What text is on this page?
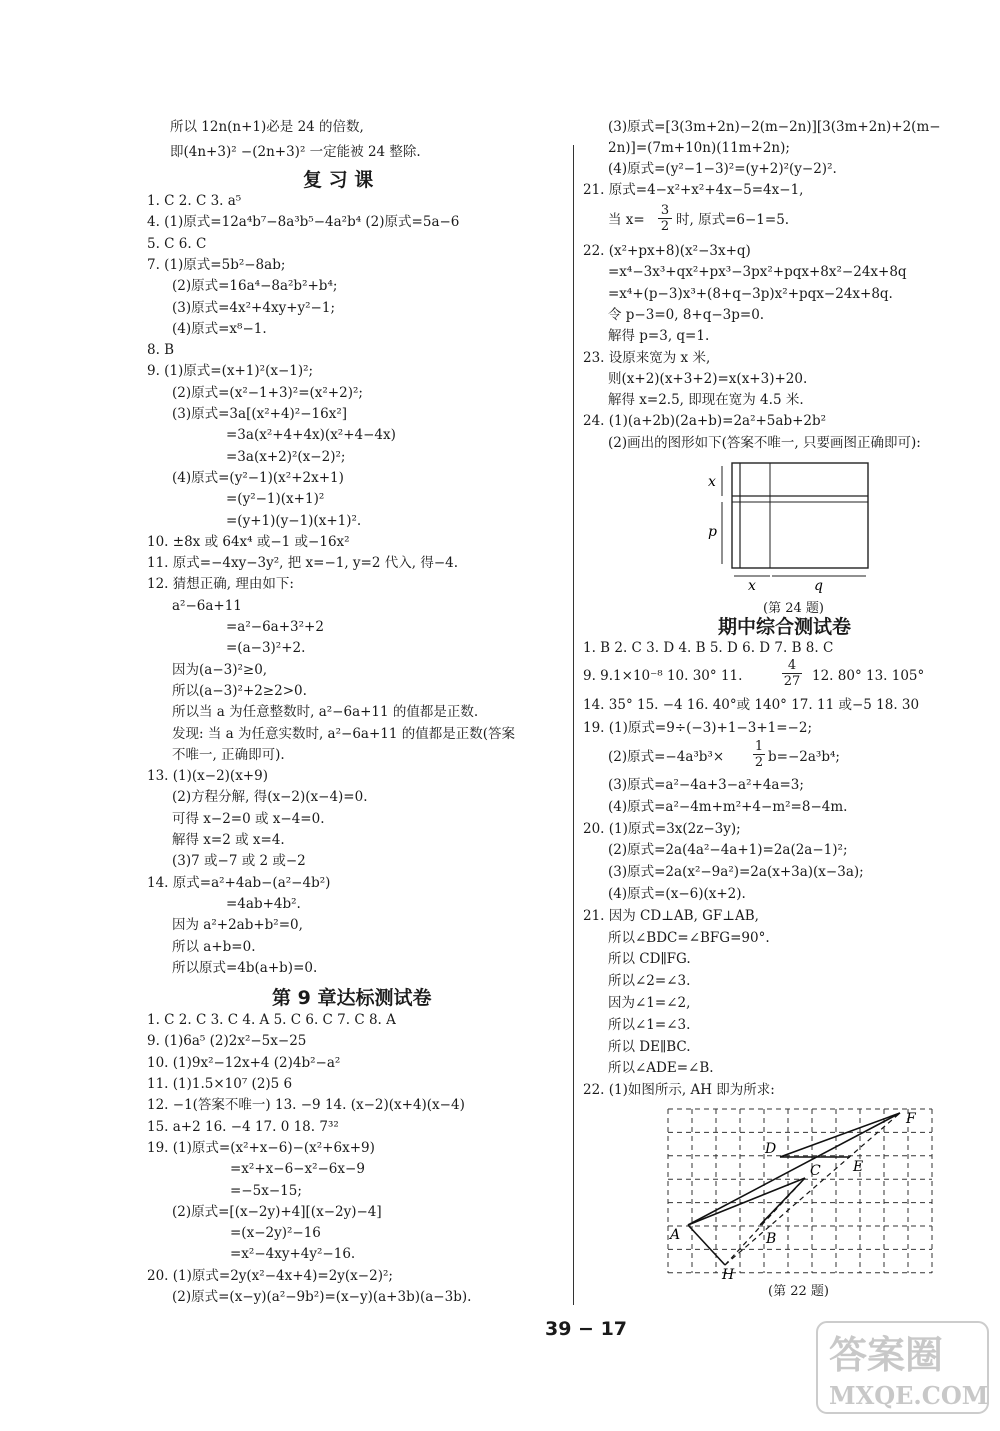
所以 12n(n+1)必是 24 的倍数,
即(4n+3)² −(2n+3)² 一定能被 24 整除.
复 习 课
1. C 2. C 3. a⁵
4. (1)原式=12a⁴b⁷−8a³b⁵−4a²b⁴ (2)原式=5a−6
5. C 6. C
7. (1)原式=5b²−8ab;
(2)原式=16a⁴−8a²b²+b⁴;
(3)原式=4x²+4xy+y²−1;
(4)原式=x⁸−1.
8. B
9. (1)原式=(x+1)²(x−1)²;
(2)原式=(x²−1+3)²=(x²+2)²;
(3)原式=3a[(x²+4)²−16x²]
=3a(x²+4+4x)(x²+4−4x)
=3a(x+2)²(x−2)²;
(4)原式=(y²−1)(x²+2x+1)
=(y²−1)(x+1)²
=(y+1)(y−1)(x+1)².
10. ±8x 或 64x⁴ 或−1 或−16x²
11. 原式=−4xy−3y², 把 x=−1, y=2 代入, 得−4.
12. 猜想正确, 理由如下:
a²−6a+11
=a²−6a+3²+2
=(a−3)²+2.
因为(a−3)²≥0,
所以(a−3)²+2≥2>0.
所以当 a 为任意整数时, a²−6a+11 的值都是正数.
发现: 当 a 为任意实数时, a²−6a+11 的值都是正数(答案
不唯一, 正确即可).
13. (1)(x−2)(x+9)
(2)方程分解, 得(x−2)(x−4)=0.
可得 x−2=0 或 x−4=0.
解得 x=2 或 x=4.
(3)7 或−7 或 2 或−2
14. 原式=a²+4ab−(a²−4b²)
=4ab+4b².
因为 a²+2ab+b²=0,
所以 a+b=0.
所以原式=4b(a+b)=0.
第 9 章达标测试卷
1. C 2. C 3. C 4. A 5. C 6. C 7. C 8. A
9. (1)6a⁵ (2)2x²−5x−25
10. (1)9x²−12x+4 (2)4b²−a²
11. (1)1.5×10⁷ (2)5 6
12. −1(答案不唯一) 13. −9 14. (x−2)(x+4)(x−4)
15. a+2 16. −4 17. 0 18. 7³²
19. (1)原式=(x²+x−6)−(x²+6x+9)
=x²+x−6−x²−6x−9
=−5x−15;
(2)原式=[(x−2y)+4][(x−2y)−4]
=(x−2y)²−16
=x²−4xy+4y²−16.
20. (1)原式=2y(x²−4x+4)=2y(x−2)²;
(2)原式=(x−y)(a²−9b²)=(x−y)(a+3b)(a−3b).
(3)原式=[3(3m+2n)−2(m−2n)][3(3m+2n)+2(m−
2n)]=(7m+10n)(11m+2n);
(4)原式=(y²−1−3)²=(y+2)²(y−2)².
21. 原式=4−x²+x²+4x−5=4x−1,
当 $x= \frac{3}{2}$ 时, 原式=6−1=5.
22. (x²+px+8)(x²−3x+q)
=x⁴−3x³+qx²+px³−3px²+pqx+8x²−24x+8q
=x⁴+(p−3)x³+(8+q−3p)x²+pqx−24x+8q.
令 p−3=0, 8+q−3p=0.
解得 p=3, q=1.
23. 设原来宽为 x 米,
则(x+2)(x+3+2)=x(x+3)+20.
解得 x=2.5, 即现在宽为 4.5 米.
24. (1)(a+2b)(2a+b)=2a²+5ab+2b²
(2)画出的图形如下(答案不唯一, 只要画图正确即可):
期中综合测试卷
1. B 2. C 3. D 4. B 5. D 6. D 7. B 8. C
9. 9.1×10⁻⁸ 10. 30° 11.	$\frac{4}{27} 12$. 80° 13. 105°
14. 35° 15. −4 16. 40°或 140° 17. 11 或−5 18. 30
19. (1)原式=9÷(−3)+1−3+1=−2;
(2)原式$=-4a^3b^3\times \frac{1}{2} b=-2a^3b^4$;
(3)原式=a²−4a+3−a²+4a=3;
(4)原式=a²−4m+m²+4−m²=8−4m.
20. (1)原式=3x(2z−3y);
(2)原式=2a(4a²−4a+1)=2a(2a−1)²;
(3)原式=2a(x²−9a²)=2a(x+3a)(x−3a);
(4)原式=(x−6)(x+2).
21. 因为 CD⊥AB, GF⊥AB,
所以∠BDC=∠BFG=90°.
所以 CD∥FG.
所以∠2=∠3.
因为∠1=∠2,
所以∠1=∠3.
所以 DE∥BC.
所以∠ADE=∠B.
22. (1)如图所示, AH 即为所求:
x
p
x	q
(第 24 题)
A	B
C
D
E
F
H
(第 22 题)
39 − 17
答案圈
MXQE.COM
